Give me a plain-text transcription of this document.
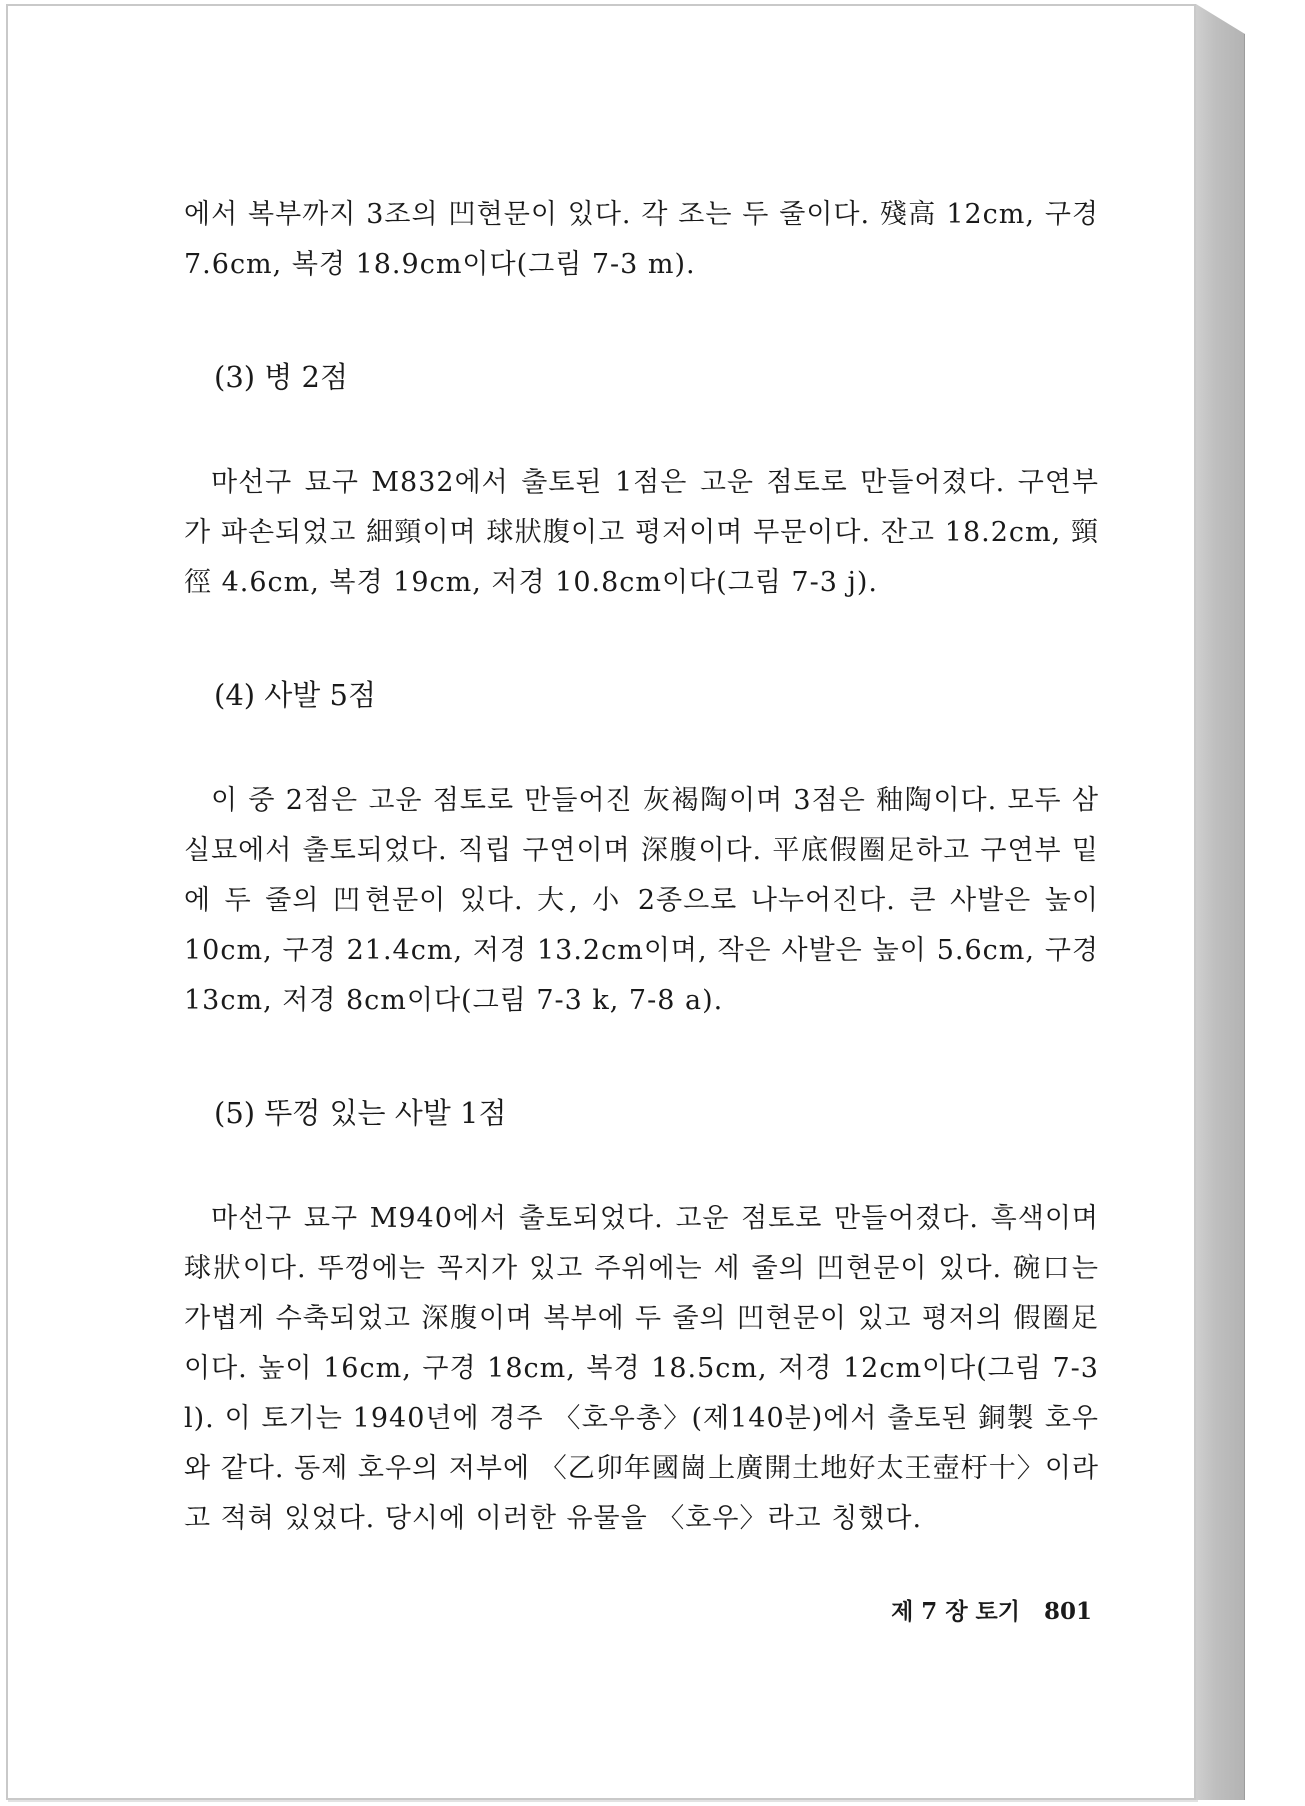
에서 복부까지 3조의 凹현문이 있다. 각 조는 두 줄이다. 殘高 12cm, 구경 7.6cm, 복경 18.9cm이다(그림 7-3 m).

(3) 병 2점

마선구 묘구 M832에서 출토된 1점은 고운 점토로 만들어졌다. 구연부가 파손되었고 細頸이며 球狀腹이고 평저이며 무문이다. 잔고 18.2cm, 頸徑 4.6cm, 복경 19cm, 저경 10.8cm이다(그림 7-3 j).

(4) 사발 5점

이 중 2점은 고운 점토로 만들어진 灰褐陶이며 3점은 釉陶이다. 모두 삼실묘에서 출토되었다. 직립 구연이며 深腹이다. 平底假圈足하고 구연부 밑에 두 줄의 凹현문이 있다. 大, 小 2종으로 나누어진다. 큰 사발은 높이 10cm, 구경 21.4cm, 저경 13.2cm이며, 작은 사발은 높이 5.6cm, 구경 13cm, 저경 8cm이다(그림 7-3 k, 7-8 a).

(5) 뚜껑 있는 사발 1점

마선구 묘구 M940에서 출토되었다. 고운 점토로 만들어졌다. 흑색이며 球狀이다. 뚜껑에는 꼭지가 있고 주위에는 세 줄의 凹현문이 있다. 碗口는 가볍게 수축되었고 深腹이며 복부에 두 줄의 凹현문이 있고 평저의 假圈足이다. 높이 16cm, 구경 18cm, 복경 18.5cm, 저경 12cm이다(그림 7-3 l). 이 토기는 1940년에 경주 〈호우총〉(제140분)에서 출토된 銅製 호우와 같다. 동제 호우의 저부에 〈乙卯年國崗上廣開土地好太王壺杅十〉이라고 적혀 있었다. 당시에 이러한 유물을 〈호우〉라고 칭했다.

제 7 장 토기 801
